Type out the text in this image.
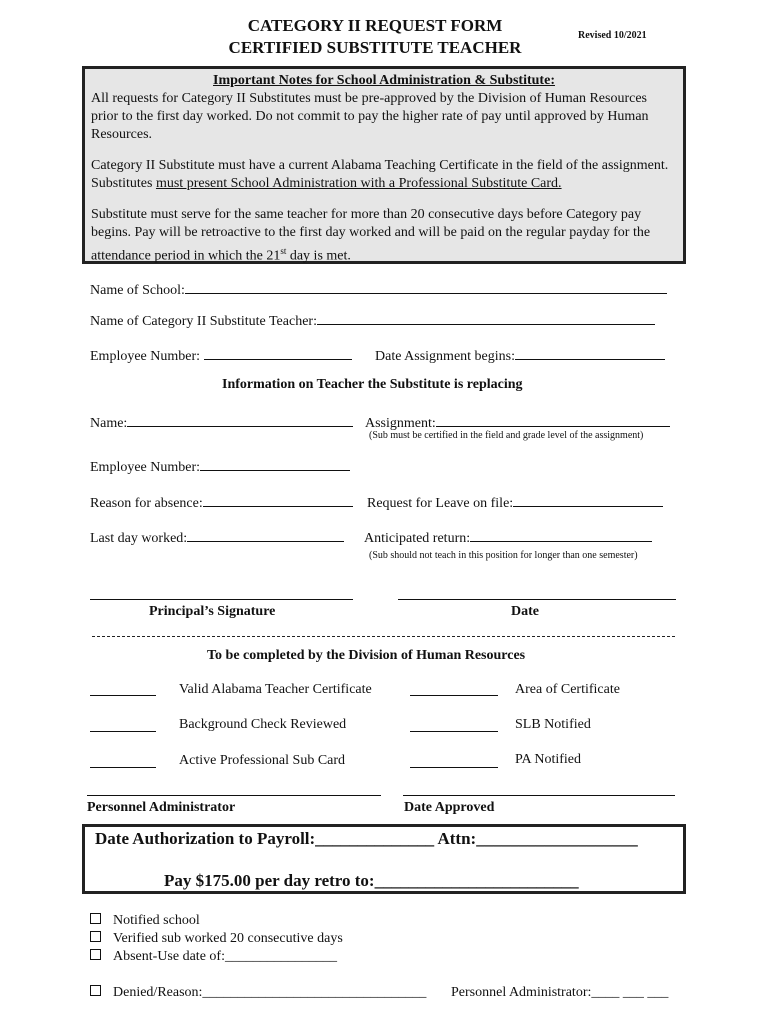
CATEGORY II REQUEST FORM
CERTIFIED SUBSTITUTE TEACHER
Revised 10/2021
Important Notes for School Administration & Substitute:

All requests for Category II Substitutes must be pre-approved by the Division of Human Resources prior to the first day worked. Do not commit to pay the higher rate of pay until approved by Human Resources.

Category II Substitute must have a current Alabama Teaching Certificate in the field of the assignment. Substitutes must present School Administration with a Professional Substitute Card.

Substitute must serve for the same teacher for more than 20 consecutive days before Category pay begins. Pay will be retroactive to the first day worked and will be paid on the regular payday for the attendance period in which the 21st day is met.

Name of School:
Name of Category II Substitute Teacher:
Employee Number:	Date Assignment begins:
Information on Teacher the Substitute is replacing
Name:	Assignment:
(Sub must be certified in the field and grade level of the assignment)
Employee Number:
Reason for absence:	Request for Leave on file:
Last day worked:	Anticipated return:
(Sub should not teach in this position for longer than one semester)
Principal’s Signature	Date
To be completed by the Division of Human Resources
Valid Alabama Teacher Certificate	Area of Certificate
Background Check Reviewed	SLB Notified
Active Professional Sub Card	PA Notified
Personnel Administrator	Date Approved
Date Authorization to Payroll:______________ Attn:___________________
Pay $175.00 per day retro to:________________________
Notified school
Verified sub worked 20 consecutive days
Absent-Use date of:________________
Denied/Reason:________________________________ Personnel Administrator:____ ___ ___
